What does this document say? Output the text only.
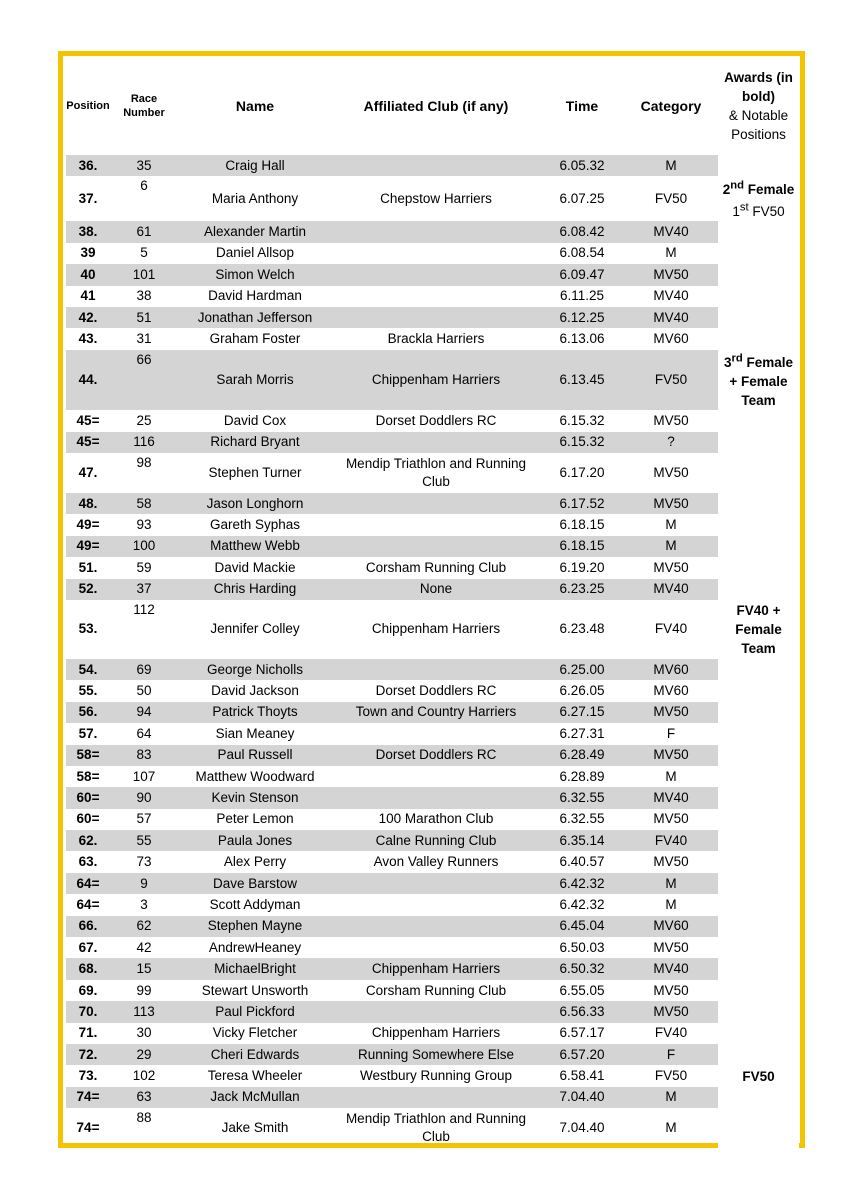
Position	Race Number	Name	Affiliated Club (if any)	Time	Category	Awards (in bold)
& Notable Positions

36.	35	Craig Hall		6.05.32	M	
37.	6	Maria Anthony	Chepstow Harriers	6.07.25	FV50	2nd Female
1st FV50
38.	61	Alexander Martin		6.08.42	MV40	
39	5	Daniel Allsop		6.08.54	M	
40	101	Simon Welch		6.09.47	MV50	
41	38	David Hardman		6.11.25	MV40	
42.	51	Jonathan Jefferson		6.12.25	MV40	
43.	31	Graham Foster	Brackla Harriers	6.13.06	MV60	
44.	66	Sarah Morris	Chippenham Harriers	6.13.45	FV50	3rd Female
+ Female
Team
45=	25	David Cox	Dorset Doddlers RC	6.15.32	MV50	
45=	116	Richard Bryant		6.15.32	?	
47.	98	Stephen Turner	Mendip Triathlon and Running Club	6.17.20	MV50	
48.	58	Jason Longhorn		6.17.52	MV50	
49=	93	Gareth Syphas		6.18.15	M	
49=	100	Matthew Webb		6.18.15	M	
51.	59	David Mackie	Corsham Running Club	6.19.20	MV50	
52.	37	Chris Harding	None	6.23.25	MV40	
53.	112	Jennifer Colley	Chippenham Harriers	6.23.48	FV40	FV40 +
Female
Team
54.	69	George Nicholls		6.25.00	MV60	
55.	50	David Jackson	Dorset Doddlers RC	6.26.05	MV60	
56.	94	Patrick Thoyts	Town and Country Harriers	6.27.15	MV50	
57.	64	Sian Meaney		6.27.31	F	
58=	83	Paul Russell	Dorset Doddlers RC	6.28.49	MV50	
58=	107	Matthew Woodward		6.28.89	M	
60=	90	Kevin Stenson		6.32.55	MV40	
60=	57	Peter Lemon	100 Marathon Club	6.32.55	MV50	
62.	55	Paula Jones	Calne Running Club	6.35.14	FV40	
63.	73	Alex Perry	Avon Valley Runners	6.40.57	MV50	
64=	9	Dave Barstow		6.42.32	M	
64=	3	Scott Addyman		6.42.32	M	
66.	62	Stephen Mayne		6.45.04	MV60	
67.	42	AndrewHeaney		6.50.03	MV50	
68.	15	MichaelBright	Chippenham Harriers	6.50.32	MV40	
69.	99	Stewart Unsworth	Corsham Running Club	6.55.05	MV50	
70.	113	Paul Pickford		6.56.33	MV50	
71.	30	Vicky Fletcher	Chippenham Harriers	6.57.17	FV40	
72.	29	Cheri Edwards	Running Somewhere Else	6.57.20	F	
73.	102	Teresa Wheeler	Westbury Running Group	6.58.41	FV50	FV50
74=	63	Jack McMullan		7.04.40	M	
74=	88	Jake Smith	Mendip Triathlon and Running Club	7.04.40	M	
